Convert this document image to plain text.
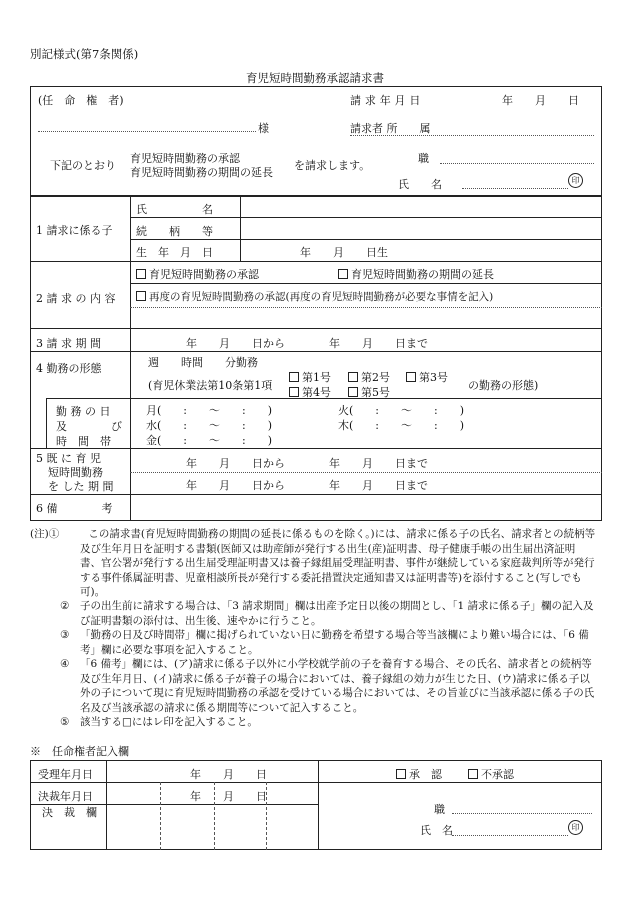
別記様式(第7条関係)
育児短時間勤務承認請求書
(任　命　権　者)	請求年月日	年　　月　　日
様	請求者 所　　属
下記のとおり
育児短時間勤務の承認
育児短時間勤務の期間の延長
を請求します。
職
氏　　名	印
1 請求に係る子
氏　　　　　名
続　　柄　　等
生　年　月　日	年　　月　　日生
2 請 求 の 内 容
育児短時間勤務の承認	育児短時間勤務の期間の延長
再度の育児短時間勤務の承認(再度の育児短時間勤務が必要な事情を記入)
3 請 求 期 間	年　　月　　日から　　　　年　　月　　日まで
4 勤務の形態	週　　時間　　分勤務
(育児休業法第10条第1項
第1号	第2号	第3号
第4号	第5号
の勤務の形態)
勤 務 の 日
及　　　　び
時　間　帯
月(　　:　　〜　　:　　)	火(　　:　　〜　　:　　)
水(　　:　　〜　　:　　)	木(　　:　　〜　　:　　)
金(　　:　　〜　　:　　)
5 既 に 育 児
短時間勤務
を した 期 間
年　　月　　日から　　　　年　　月　　日まで
年　　月　　日から　　　　年　　月　　日まで
6 備　　　　考
(注)①	この請求書(育児短時間勤務の期間の延長に係るものを除く。)には、請求に係る子の氏名、請求者との続柄等及び生年月日を証明する書類(医師又は助産師が発行する出生(産)証明書、母子健康手帳の出生届出済証明書、官公署が発行する出生届受理証明書又は養子縁組届受理証明書、事件が継続している家庭裁判所等が発行する事件係属証明書、児童相談所長が発行する委託措置決定通知書又は証明書等)を添付すること(写しでも可)。
② 子の出生前に請求する場合は、「3 請求期間」欄は出産予定日以後の期間とし、「1 請求に係る子」欄の記入及び証明書類の添付は、出生後、速やかに行うこと。
③ 「勤務の日及び時間帯」欄に掲げられていない日に勤務を希望する場合等当該欄により難い場合には、「6 備考」欄に必要な事項を記入すること。
④ 「6 備考」欄には、(ア)請求に係る子以外に小学校就学前の子を養育する場合、その氏名、請求者との続柄等及び生年月日、(イ)請求に係る子が養子の場合においては、養子縁組の効力が生じた日、(ウ)請求に係る子以外の子について現に育児短時間勤務の承認を受けている場合においては、その旨並びに当該承認に係る子の氏名及び当該承認の請求に係る期間等について記入すること。
⑤ 該当する□にはレ印を記入すること。
※　任命権者記入欄
受理年月日	年　　月　　日
決裁年月日	年　　月　　日
決　裁　欄
承　認	不承認
職
氏　名	印
